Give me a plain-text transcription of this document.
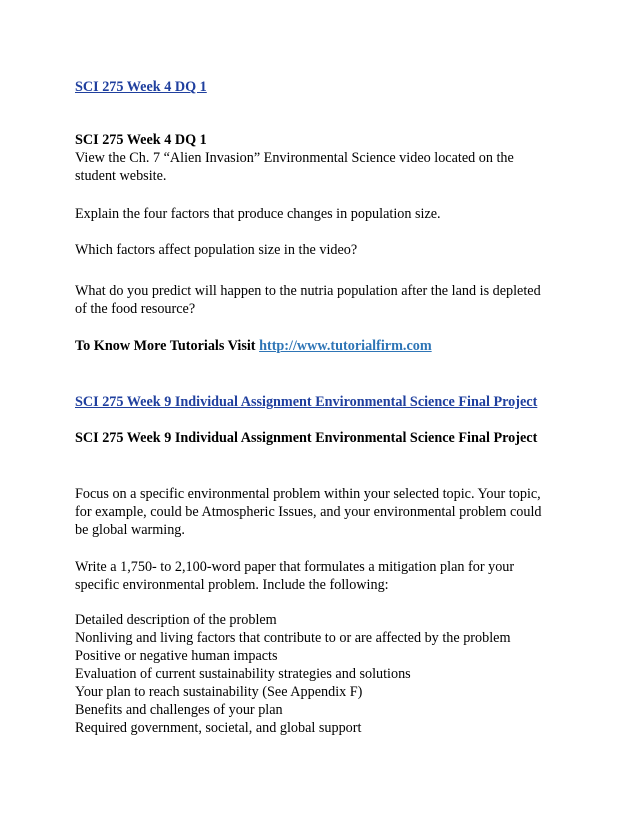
SCI 275 Week 4 DQ 1
SCI 275 Week 4 DQ 1
View the Ch. 7 “Alien Invasion” Environmental Science video located on the
student website.
Explain the four factors that produce changes in population size.
Which factors affect population size in the video?
What do you predict will happen to the nutria population after the land is depleted
of the food resource?
To Know More Tutorials Visit http://www.tutorialfirm.com
SCI 275 Week 9 Individual Assignment Environmental Science Final Project
SCI 275 Week 9 Individual Assignment Environmental Science Final Project
Focus on a specific environmental problem within your selected topic. Your topic,
for example, could be Atmospheric Issues, and your environmental problem could
be global warming.
Write a 1,750- to 2,100-word paper that formulates a mitigation plan for your
specific environmental problem. Include the following:
Detailed description of the problem
Nonliving and living factors that contribute to or are affected by the problem
Positive or negative human impacts
Evaluation of current sustainability strategies and solutions
Your plan to reach sustainability (See Appendix F)
Benefits and challenges of your plan
Required government, societal, and global support
